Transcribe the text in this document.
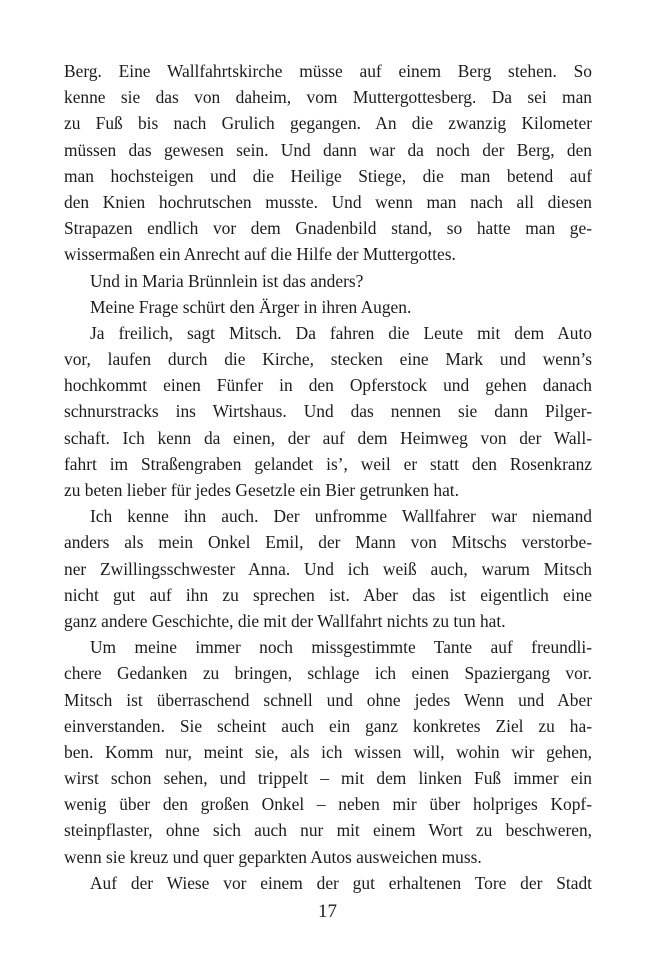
Berg. Eine Wallfahrtskirche müsse auf einem Berg stehen. So
kenne sie das von daheim, vom Muttergottesberg. Da sei man
zu Fuß bis nach Grulich gegangen. An die zwanzig Kilometer
müssen das gewesen sein. Und dann war da noch der Berg, den
man hochsteigen und die Heilige Stiege, die man betend auf
den Knien hochrutschen musste. Und wenn man nach all diesen
Strapazen endlich vor dem Gnadenbild stand, so hatte man ge-
wissermaßen ein Anrecht auf die Hilfe der Muttergottes.
Und in Maria Brünnlein ist das anders?
Meine Frage schürt den Ärger in ihren Augen.
Ja freilich, sagt Mitsch. Da fahren die Leute mit dem Auto
vor, laufen durch die Kirche, stecken eine Mark und wenn’s
hochkommt einen Fünfer in den Opferstock und gehen danach
schnurstracks ins Wirtshaus. Und das nennen sie dann Pilger-
schaft. Ich kenn da einen, der auf dem Heimweg von der Wall-
fahrt im Straßengraben gelandet is’, weil er statt den Rosenkranz
zu beten lieber für jedes Gesetzle ein Bier getrunken hat.
Ich kenne ihn auch. Der unfromme Wallfahrer war niemand
anders als mein Onkel Emil, der Mann von Mitschs verstorbe-
ner Zwillingsschwester Anna. Und ich weiß auch, warum Mitsch
nicht gut auf ihn zu sprechen ist. Aber das ist eigentlich eine
ganz andere Geschichte, die mit der Wallfahrt nichts zu tun hat.
Um meine immer noch missgestimmte Tante auf freundli-
chere Gedanken zu bringen, schlage ich einen Spaziergang vor.
Mitsch ist überraschend schnell und ohne jedes Wenn und Aber
einverstanden. Sie scheint auch ein ganz konkretes Ziel zu ha-
ben. Komm nur, meint sie, als ich wissen will, wohin wir gehen,
wirst schon sehen, und trippelt – mit dem linken Fuß immer ein
wenig über den großen Onkel – neben mir über holpriges Kopf-
steinpflaster, ohne sich auch nur mit einem Wort zu beschweren,
wenn sie kreuz und quer geparkten Autos ausweichen muss.
Auf der Wiese vor einem der gut erhaltenen Tore der Stadt
17
